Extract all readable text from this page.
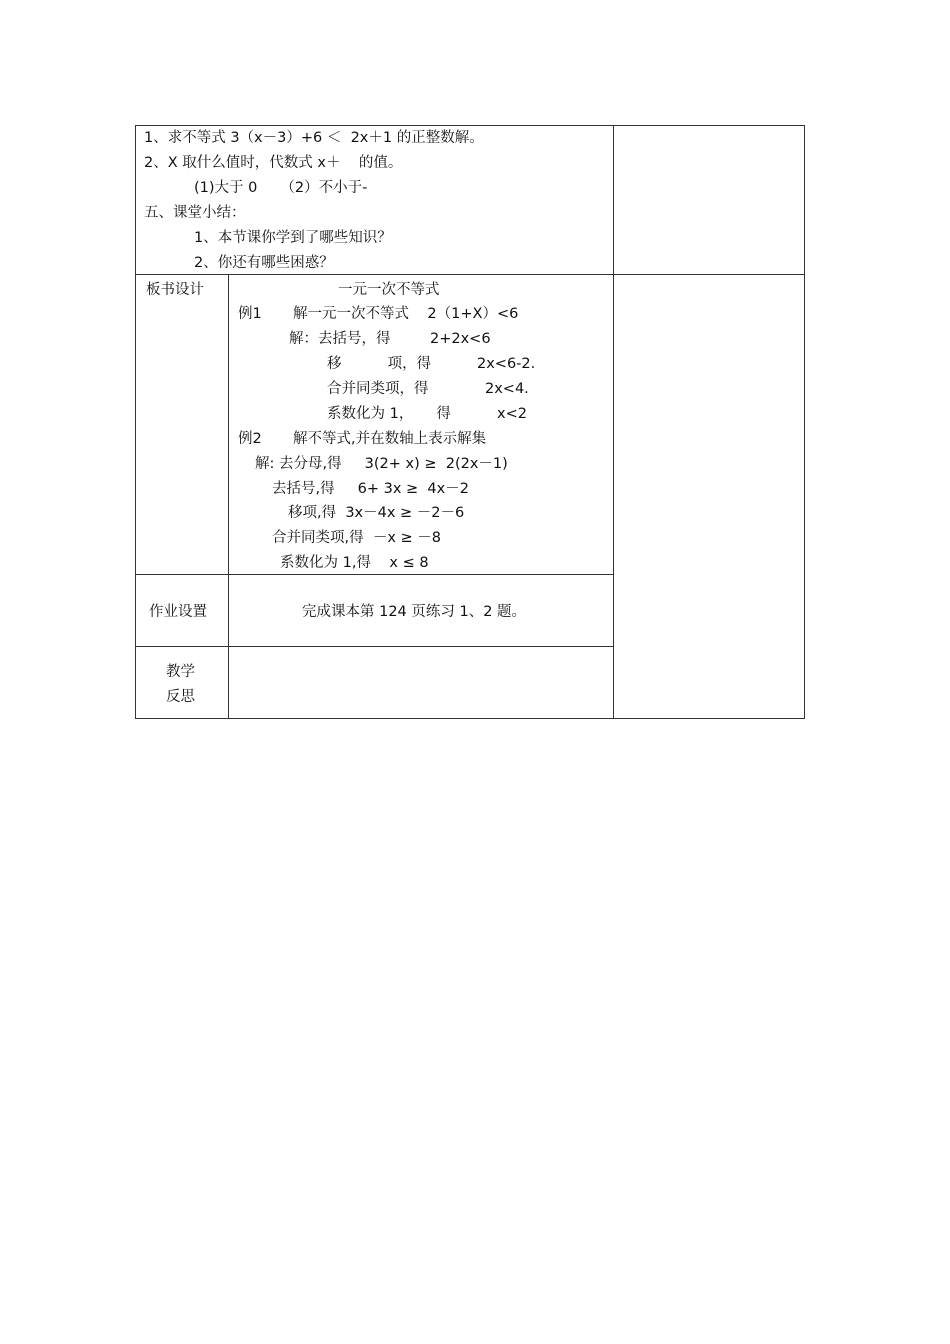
1、求不等式 3（x－3）+6 ＜  2x＋1 的正整数解。
2、X 取什么值时，代数式 x＋    的值。
(1)大于 0     （2）不小于-
五、课堂小结：
1、本节课你学到了哪些知识？
2、你还有哪些困惑？
板书设计	一元一次不等式
例1 解一元一次不等式    2（1+X）<6
解：去括号，得	2+2x<6
移          项，得	2x<6-2.
合并同类项，得	2x<4.
系数化为 1，     得	x<2
例2 解不等式,并在数轴上表示解集
解: 去分母,得     3(2+ x) ≥  2(2x－1)
去括号,得     6+ 3x ≥  4x－2
移项,得  3x－4x ≥ －2－6
合并同类项,得  －x ≥ －8
系数化为 1,得    x ≤ 8
作业设置	完成课本第 124 页练习 1、2 题。
教学
反思
